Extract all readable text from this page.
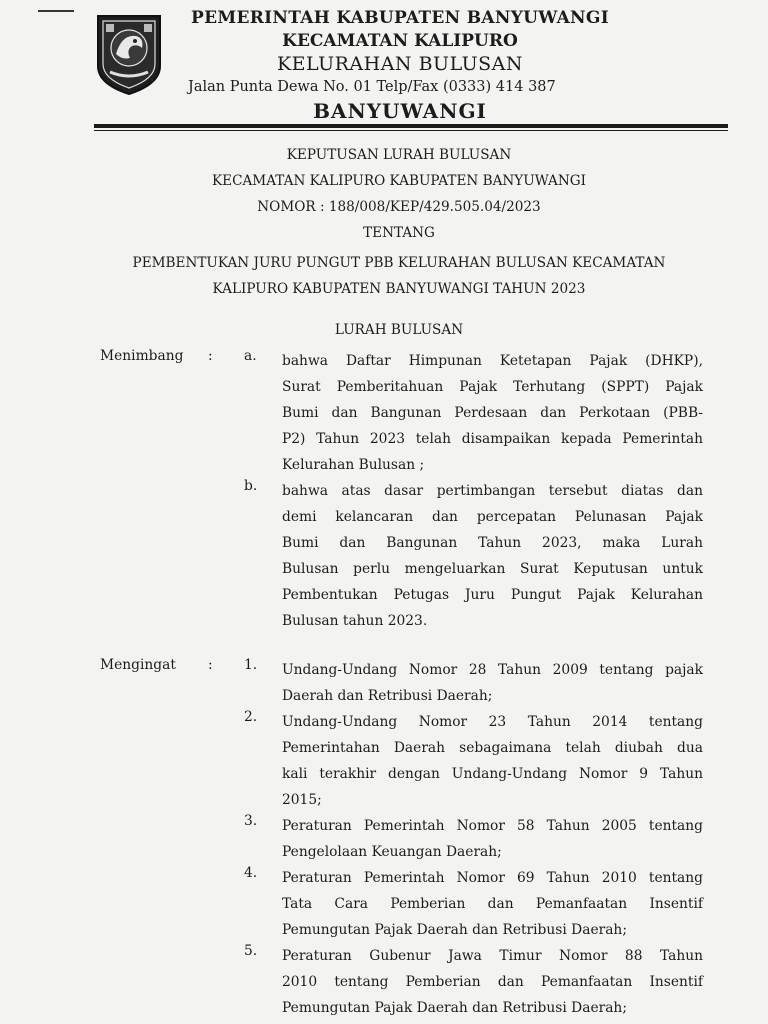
PEMERINTAH KABUPATEN BANYUWANGI
KECAMATAN KALIPURO
KELURAHAN BULUSAN
Jalan Punta Dewa No. 01 Telp/Fax (0333) 414 387
BANYUWANGI
KEPUTUSAN LURAH BULUSAN
KECAMATAN KALIPURO KABUPATEN BANYUWANGI
NOMOR : 188/008/KEP/429.505.04/2023
TENTANG
PEMBENTUKAN JURU PUNGUT PBB KELURAHAN BULUSAN KECAMATAN
KALIPURO KABUPATEN BANYUWANGI TAHUN 2023
LURAH BULUSAN
Menimbang : a. bahwa Daftar Himpunan Ketetapan Pajak (DHKP),
Surat Pemberitahuan Pajak Terhutang (SPPT) Pajak
Bumi dan Bangunan Perdesaan dan Perkotaan (PBB-
P2) Tahun 2023 telah disampaikan kepada Pemerintah
Kelurahan Bulusan ;
b. bahwa atas dasar pertimbangan tersebut diatas dan
demi kelancaran dan percepatan Pelunasan Pajak
Bumi dan Bangunan Tahun 2023, maka Lurah
Bulusan perlu mengeluarkan Surat Keputusan untuk
Pembentukan Petugas Juru Pungut Pajak Kelurahan
Bulusan tahun 2023.
Mengingat : 1. Undang-Undang Nomor 28 Tahun 2009 tentang pajak
Daerah dan Retribusi Daerah;
2. Undang-Undang Nomor 23 Tahun 2014 tentang
Pemerintahan Daerah sebagaimana telah diubah dua
kali terakhir dengan Undang-Undang Nomor 9 Tahun
2015;
3. Peraturan Pemerintah Nomor 58 Tahun 2005 tentang
Pengelolaan Keuangan Daerah;
4. Peraturan Pemerintah Nomor 69 Tahun 2010 tentang
Tata Cara Pemberian dan Pemanfaatan Insentif
Pemungutan Pajak Daerah dan Retribusi Daerah;
5. Peraturan Gubenur Jawa Timur Nomor 88 Tahun
2010 tentang Pemberian dan Pemanfaatan Insentif
Pemungutan Pajak Daerah dan Retribusi Daerah;
